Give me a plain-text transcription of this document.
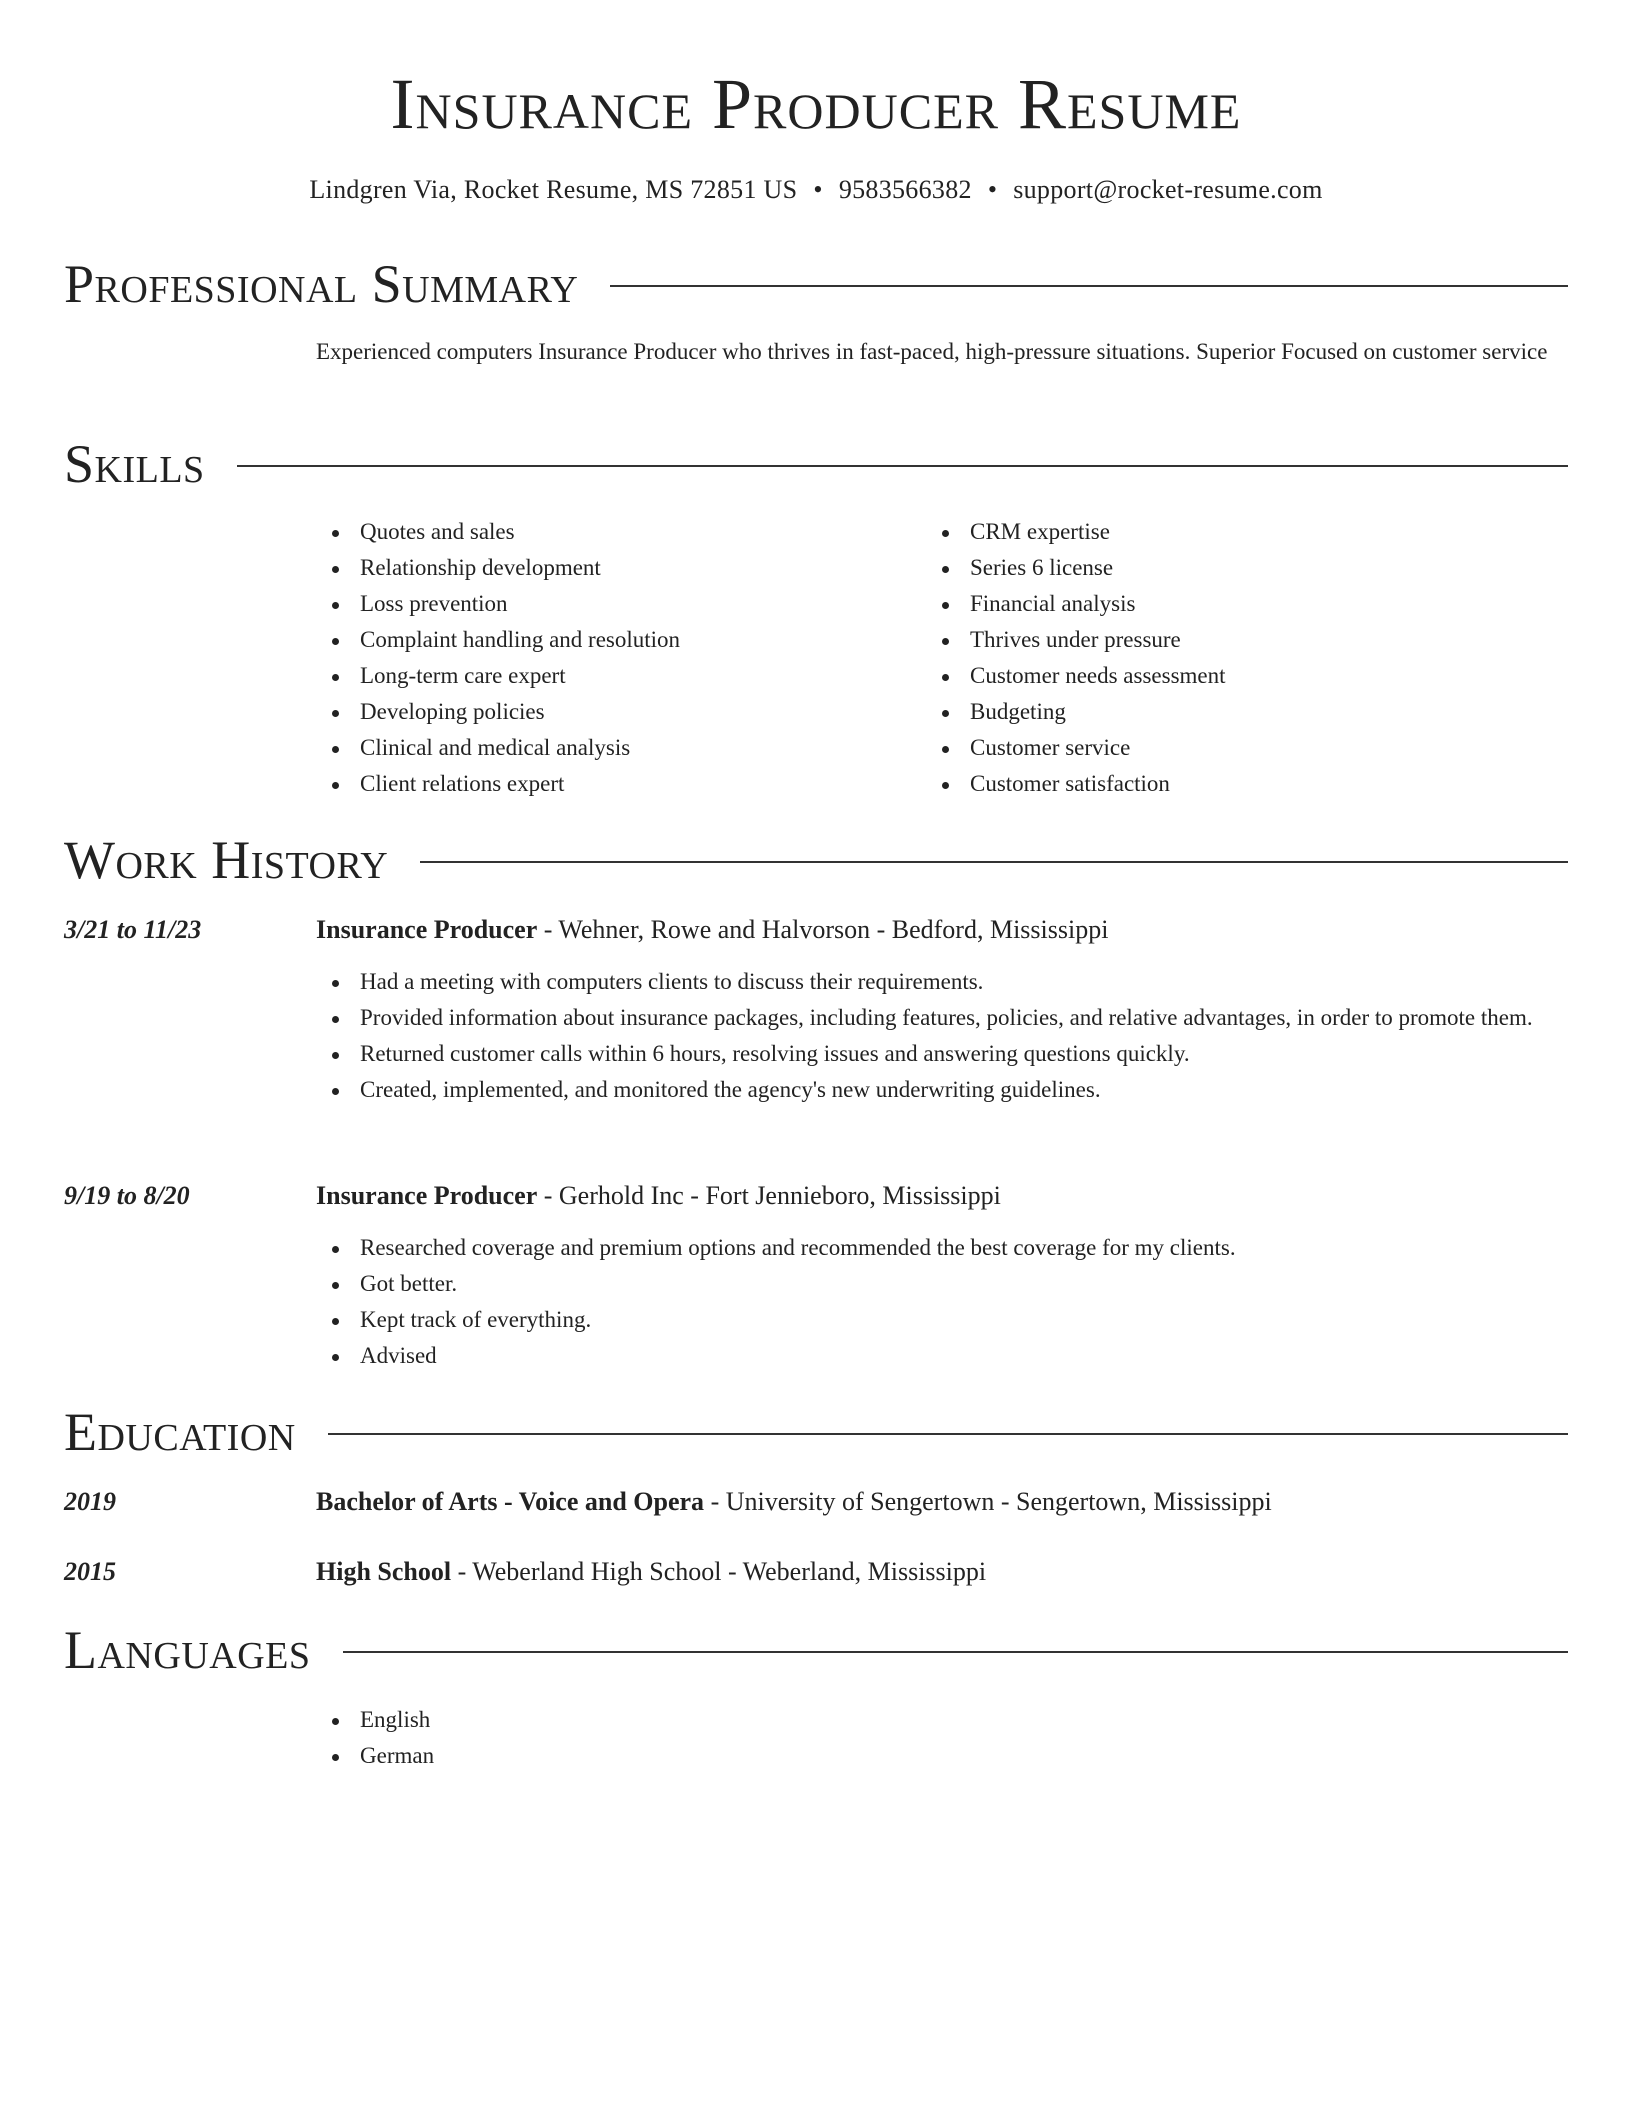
Insurance Producer Resume
Lindgren Via, Rocket Resume, MS 72851 US • 9583566382 • support@rocket-resume.com
Professional Summary
Experienced computers Insurance Producer who thrives in fast-paced, high-pressure situations. Superior Focused on customer service
Skills
Quotes and sales
Relationship development
Loss prevention
Complaint handling and resolution
Long-term care expert
Developing policies
Clinical and medical analysis
Client relations expert
CRM expertise
Series 6 license
Financial analysis
Thrives under pressure
Customer needs assessment
Budgeting
Customer service
Customer satisfaction
Work History
3/21 to 11/23	Insurance Producer - Wehner, Rowe and Halvorson - Bedford, Mississippi
Had a meeting with computers clients to discuss their requirements.
Provided information about insurance packages, including features, policies, and relative advantages, in order to promote them.
Returned customer calls within 6 hours, resolving issues and answering questions quickly.
Created, implemented, and monitored the agency's new underwriting guidelines.
9/19 to 8/20	Insurance Producer - Gerhold Inc - Fort Jennieboro, Mississippi
Researched coverage and premium options and recommended the best coverage for my clients.
Got better.
Kept track of everything.
Advised
Education
2019	Bachelor of Arts - Voice and Opera - University of Sengertown - Sengertown, Mississippi
2015	High School - Weberland High School - Weberland, Mississippi
Languages
English
German
